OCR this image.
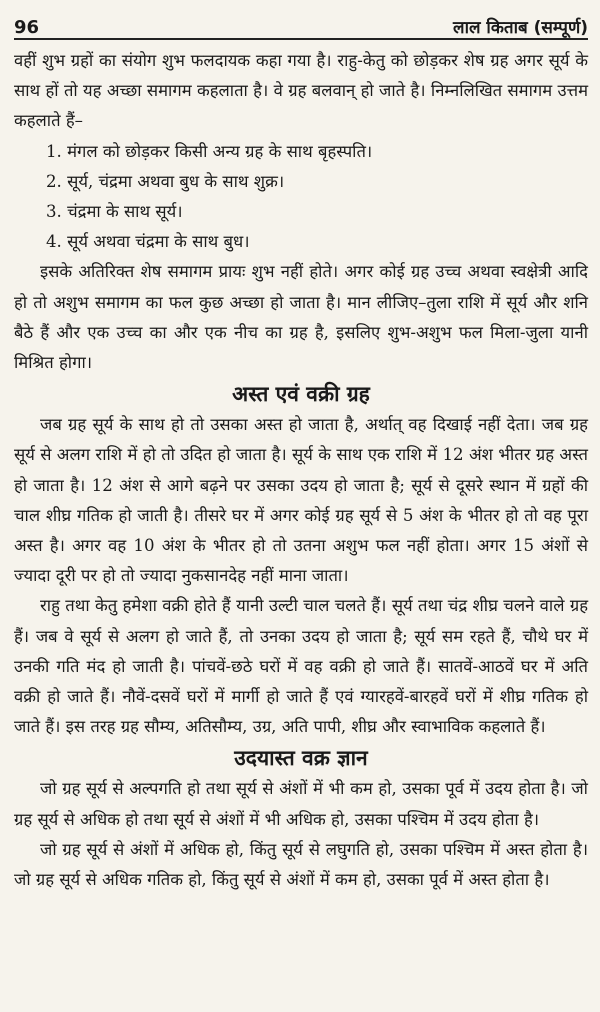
96	लाल किताब (सम्पूर्ण)

वहीं शुभ ग्रहों का संयोग शुभ फलदायक कहा गया है। राहु-केतु को छोड़कर शेष ग्रह अगर सूर्य के साथ हों तो यह अच्छा समागम कहलाता है। वे ग्रह बलवान् हो जाते है। निम्नलिखित समागम उत्तम कहलाते हैं–

1. मंगल को छोड़कर किसी अन्य ग्रह के साथ बृहस्पति।

2. सूर्य, चंद्रमा अथवा बुध के साथ शुक्र।

3. चंद्रमा के साथ सूर्य।

4. सूर्य अथवा चंद्रमा के साथ बुध।

इसके अतिरिक्त शेष समागम प्रायः शुभ नहीं होते। अगर कोई ग्रह उच्च अथवा स्वक्षेत्री आदि हो तो अशुभ समागम का फल कुछ अच्छा हो जाता है। मान लीजिए–तुला राशि में सूर्य और शनि बैठे हैं और एक उच्च का और एक नीच का ग्रह है, इसलिए शुभ-अशुभ फल मिला-जुला यानी मिश्रित होगा।

अस्त एवं वक्री ग्रह

जब ग्रह सूर्य के साथ हो तो उसका अस्त हो जाता है, अर्थात् वह दिखाई नहीं देता। जब ग्रह सूर्य से अलग राशि में हो तो उदित हो जाता है। सूर्य के साथ एक राशि में 12 अंश भीतर ग्रह अस्त हो जाता है। 12 अंश से आगे बढ़ने पर उसका उदय हो जाता है; सूर्य से दूसरे स्थान में ग्रहों की चाल शीघ्र गतिक हो जाती है। तीसरे घर में अगर कोई ग्रह सूर्य से 5 अंश के भीतर हो तो वह पूरा अस्त है। अगर वह 10 अंश के भीतर हो तो उतना अशुभ फल नहीं होता। अगर 15 अंशों से ज्यादा दूरी पर हो तो ज्यादा नुकसानदेह नहीं माना जाता।

राहु तथा केतु हमेशा वक्री होते हैं यानी उल्टी चाल चलते हैं। सूर्य तथा चंद्र शीघ्र चलने वाले ग्रह हैं। जब वे सूर्य से अलग हो जाते हैं, तो उनका उदय हो जाता है; सूर्य सम रहते हैं, चौथे घर में उनकी गति मंद हो जाती है। पांचवें-छठे घरों में वह वक्री हो जाते हैं। सातवें-आठवें घर में अति वक्री हो जाते हैं। नौवें-दसवें घरों में मार्गी हो जाते हैं एवं ग्यारहवें-बारहवें घरों में शीघ्र गतिक हो जाते हैं। इस तरह ग्रह सौम्य, अतिसौम्य, उग्र, अति पापी, शीघ्र और स्वाभाविक कहलाते हैं।

उदयास्त वक्र ज्ञान

जो ग्रह सूर्य से अल्पगति हो तथा सूर्य से अंशों में भी कम हो, उसका पूर्व में उदय होता है। जो ग्रह सूर्य से अधिक हो तथा सूर्य से अंशों में भी अधिक हो, उसका पश्चिम में उदय होता है।

जो ग्रह सूर्य से अंशों में अधिक हो, किंतु सूर्य से लघुगति हो, उसका पश्चिम में अस्त होता है। जो ग्रह सूर्य से अधिक गतिक हो, किंतु सूर्य से अंशों में कम हो, उसका पूर्व में अस्त होता है।
